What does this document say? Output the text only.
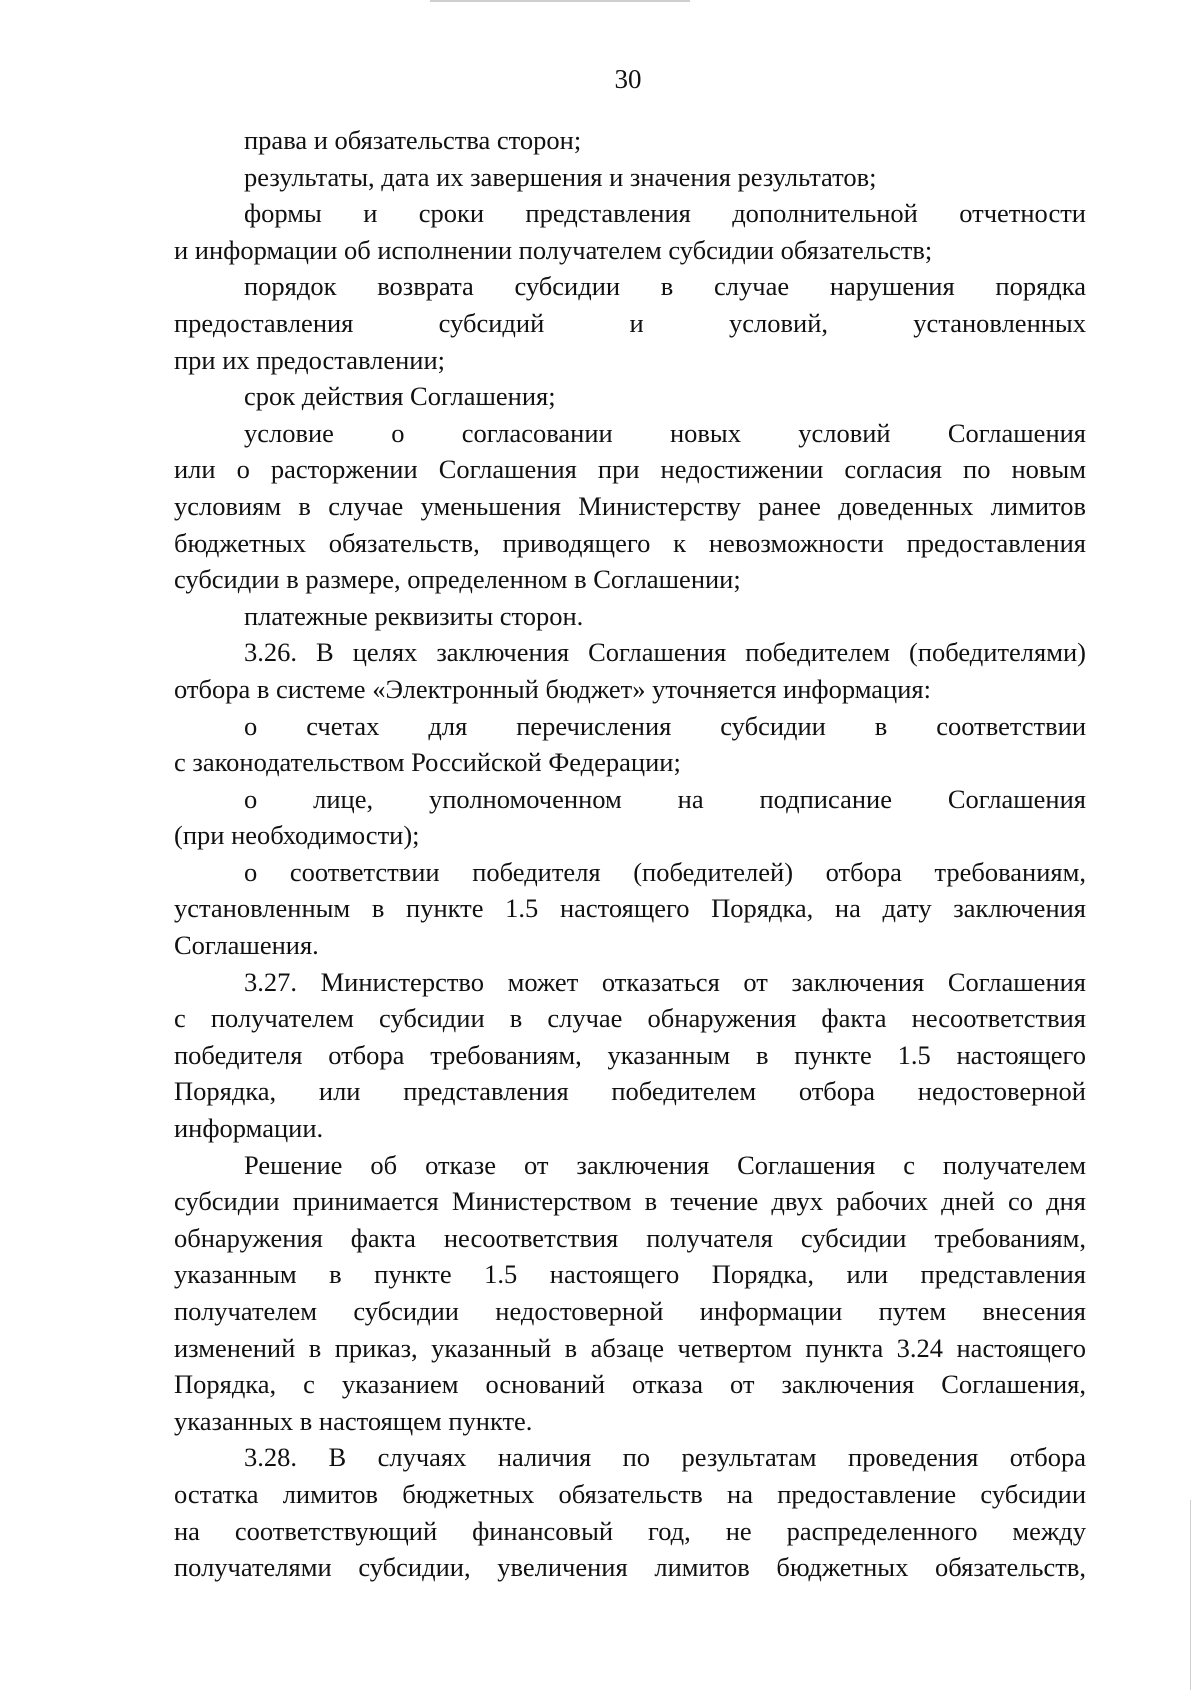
30
права и обязательства сторон;
результаты, дата их завершения и значения результатов;
формы и сроки представления дополнительной отчетности
и информации об исполнении получателем субсидии обязательств;
порядок возврата субсидии в случае нарушения порядка
предоставления субсидий и условий, установленных
при их предоставлении;
срок действия Соглашения;
условие о согласовании новых условий Соглашения
или о расторжении Соглашения при недостижении согласия по новым
условиям в случае уменьшения Министерству ранее доведенных лимитов
бюджетных обязательств, приводящего к невозможности предоставления
субсидии в размере, определенном в Соглашении;
платежные реквизиты сторон.
3.26. В целях заключения Соглашения победителем (победителями)
отбора в системе «Электронный бюджет» уточняется информация:
о счетах для перечисления субсидии в соответствии
с законодательством Российской Федерации;
о лице, уполномоченном на подписание Соглашения
(при необходимости);
о соответствии победителя (победителей) отбора требованиям,
установленным в пункте 1.5 настоящего Порядка, на дату заключения
Соглашения.
3.27. Министерство может отказаться от заключения Соглашения
с получателем субсидии в случае обнаружения факта несоответствия
победителя отбора требованиям, указанным в пункте 1.5 настоящего
Порядка, или представления победителем отбора недостоверной
информации.
Решение об отказе от заключения Соглашения с получателем
субсидии принимается Министерством в течение двух рабочих дней со дня
обнаружения факта несоответствия получателя субсидии требованиям,
указанным в пункте 1.5 настоящего Порядка, или представления
получателем субсидии недостоверной информации путем внесения
изменений в приказ, указанный в абзаце четвертом пункта 3.24 настоящего
Порядка, с указанием оснований отказа от заключения Соглашения,
указанных в настоящем пункте.
3.28. В случаях наличия по результатам проведения отбора
остатка лимитов бюджетных обязательств на предоставление субсидии
на соответствующий финансовый год, не распределенного между
получателями субсидии, увеличения лимитов бюджетных обязательств,
